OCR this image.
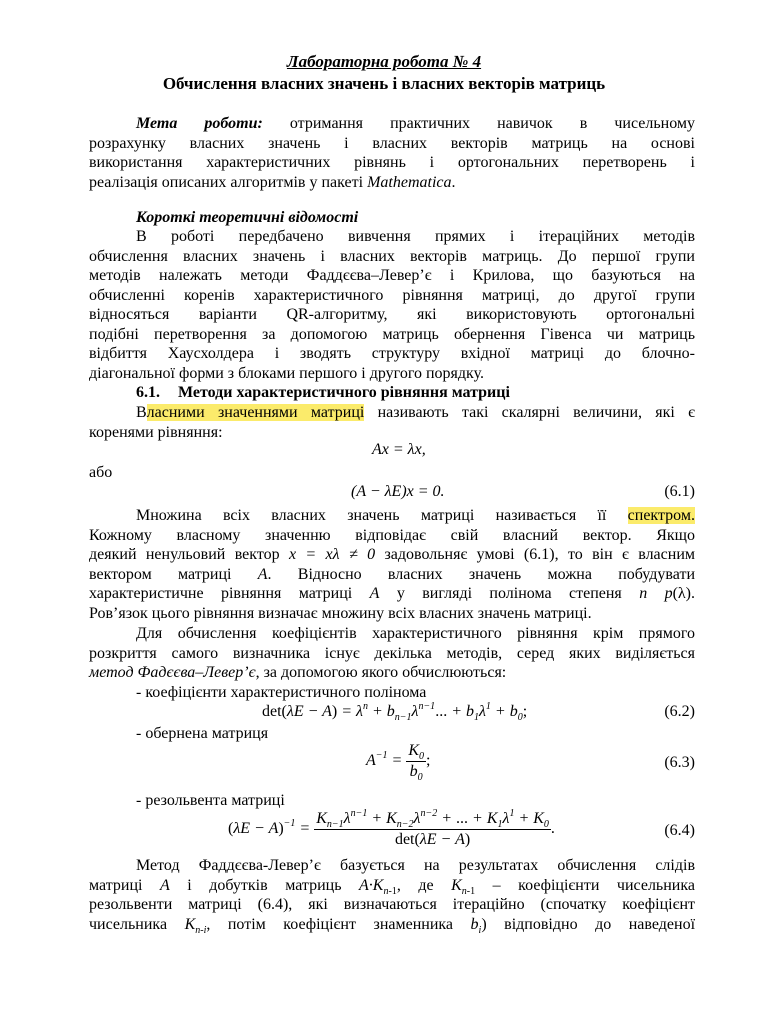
Лабораторна робота № 4
Обчислення власних значень і власних векторів матриць
Мета роботи: отримання практичних навичок в чисельному
розрахунку власних значень і власних векторів матриць на основі
використання характеристичних рівнянь і ортогональних перетворень і
реалізація описаних алгоритмів у пакеті Mathematica.
Короткі теоретичні відомості
В роботі передбачено вивчення прямих і ітераційних методів
обчислення власних значень і власних векторів матриць. До першої групи
методів належать методи Фаддєєва–Левер’є і Крилова, що базуються на
обчисленні коренів характеристичного рівняння матриці, до другої групи
відносяться варіанти QR-алгоритму, які використовують ортогональні
подібні перетворення за допомогою матриць обернення Гівенса чи матриць
відбиття Хаусхолдера і зводять структуру вхідної матриці до блочно-
діагональної форми з блоками першого і другого порядку.
6.1. Методи характеристичного рівняння матриці
Власними значеннями матриці називають такі скалярні величини, які є
коренями рівняння:
Ax = λx,
або
(A − λE)x = 0.	(6.1)
Множина всіх власних значень матриці називається її спектром.
Кожному власному значенню відповідає свій власний вектор. Якщо
деякий ненульовий вектор x = xλ ≠ 0 задовольняє умові (6.1), то він є власним
вектором матриці A. Відносно власних значень можна побудувати
характеристичне рівняння матриці A у вигляді полінома степеня n p(λ).
Ров’язок цього рівняння визначає множину всіх власних значень матриці.
Для обчислення коефіцієнтів характеристичного рівняння крім прямого
розкриття самого визначника існує декілька методів, серед яких виділяється
метод Фадєєва–Левер’є, за допомогою якого обчислюються:
- коефіцієнти характеристичного полінома
$\det(\lambda E - A) = \lambda^n + b_{n-1}\lambda^{n-1}$... + $b_1\lambda^1 + b_0$;	(6.2)
- обернена матриця
$A^{-1} = \frac{K_0}{b_0}$ ;	(6.3)
- резольвента матриці
$(\lambda E - A)^{-1} = \frac{K_{n-1}\lambda^{n-1} + K_{n-2}\lambda^{n-2} + ... + K_1\lambda^1 + K_0}{\det(\lambda E - A)}$ .	(6.4)
Метод Фаддєєва-Левер’є базується на результатах обчислення слідів
матриці A і добутків матриць $A\cdot K_{n-1}$, де $K_{n-1}$ – коефіцієнти чисельника
резольвенти матриці (6.4), які визначаються ітераційно (спочатку коефіцієнт
чисельника $K_{n-i}$, потім коефіцієнт знаменника $b_i$) відповідно до наведеної
